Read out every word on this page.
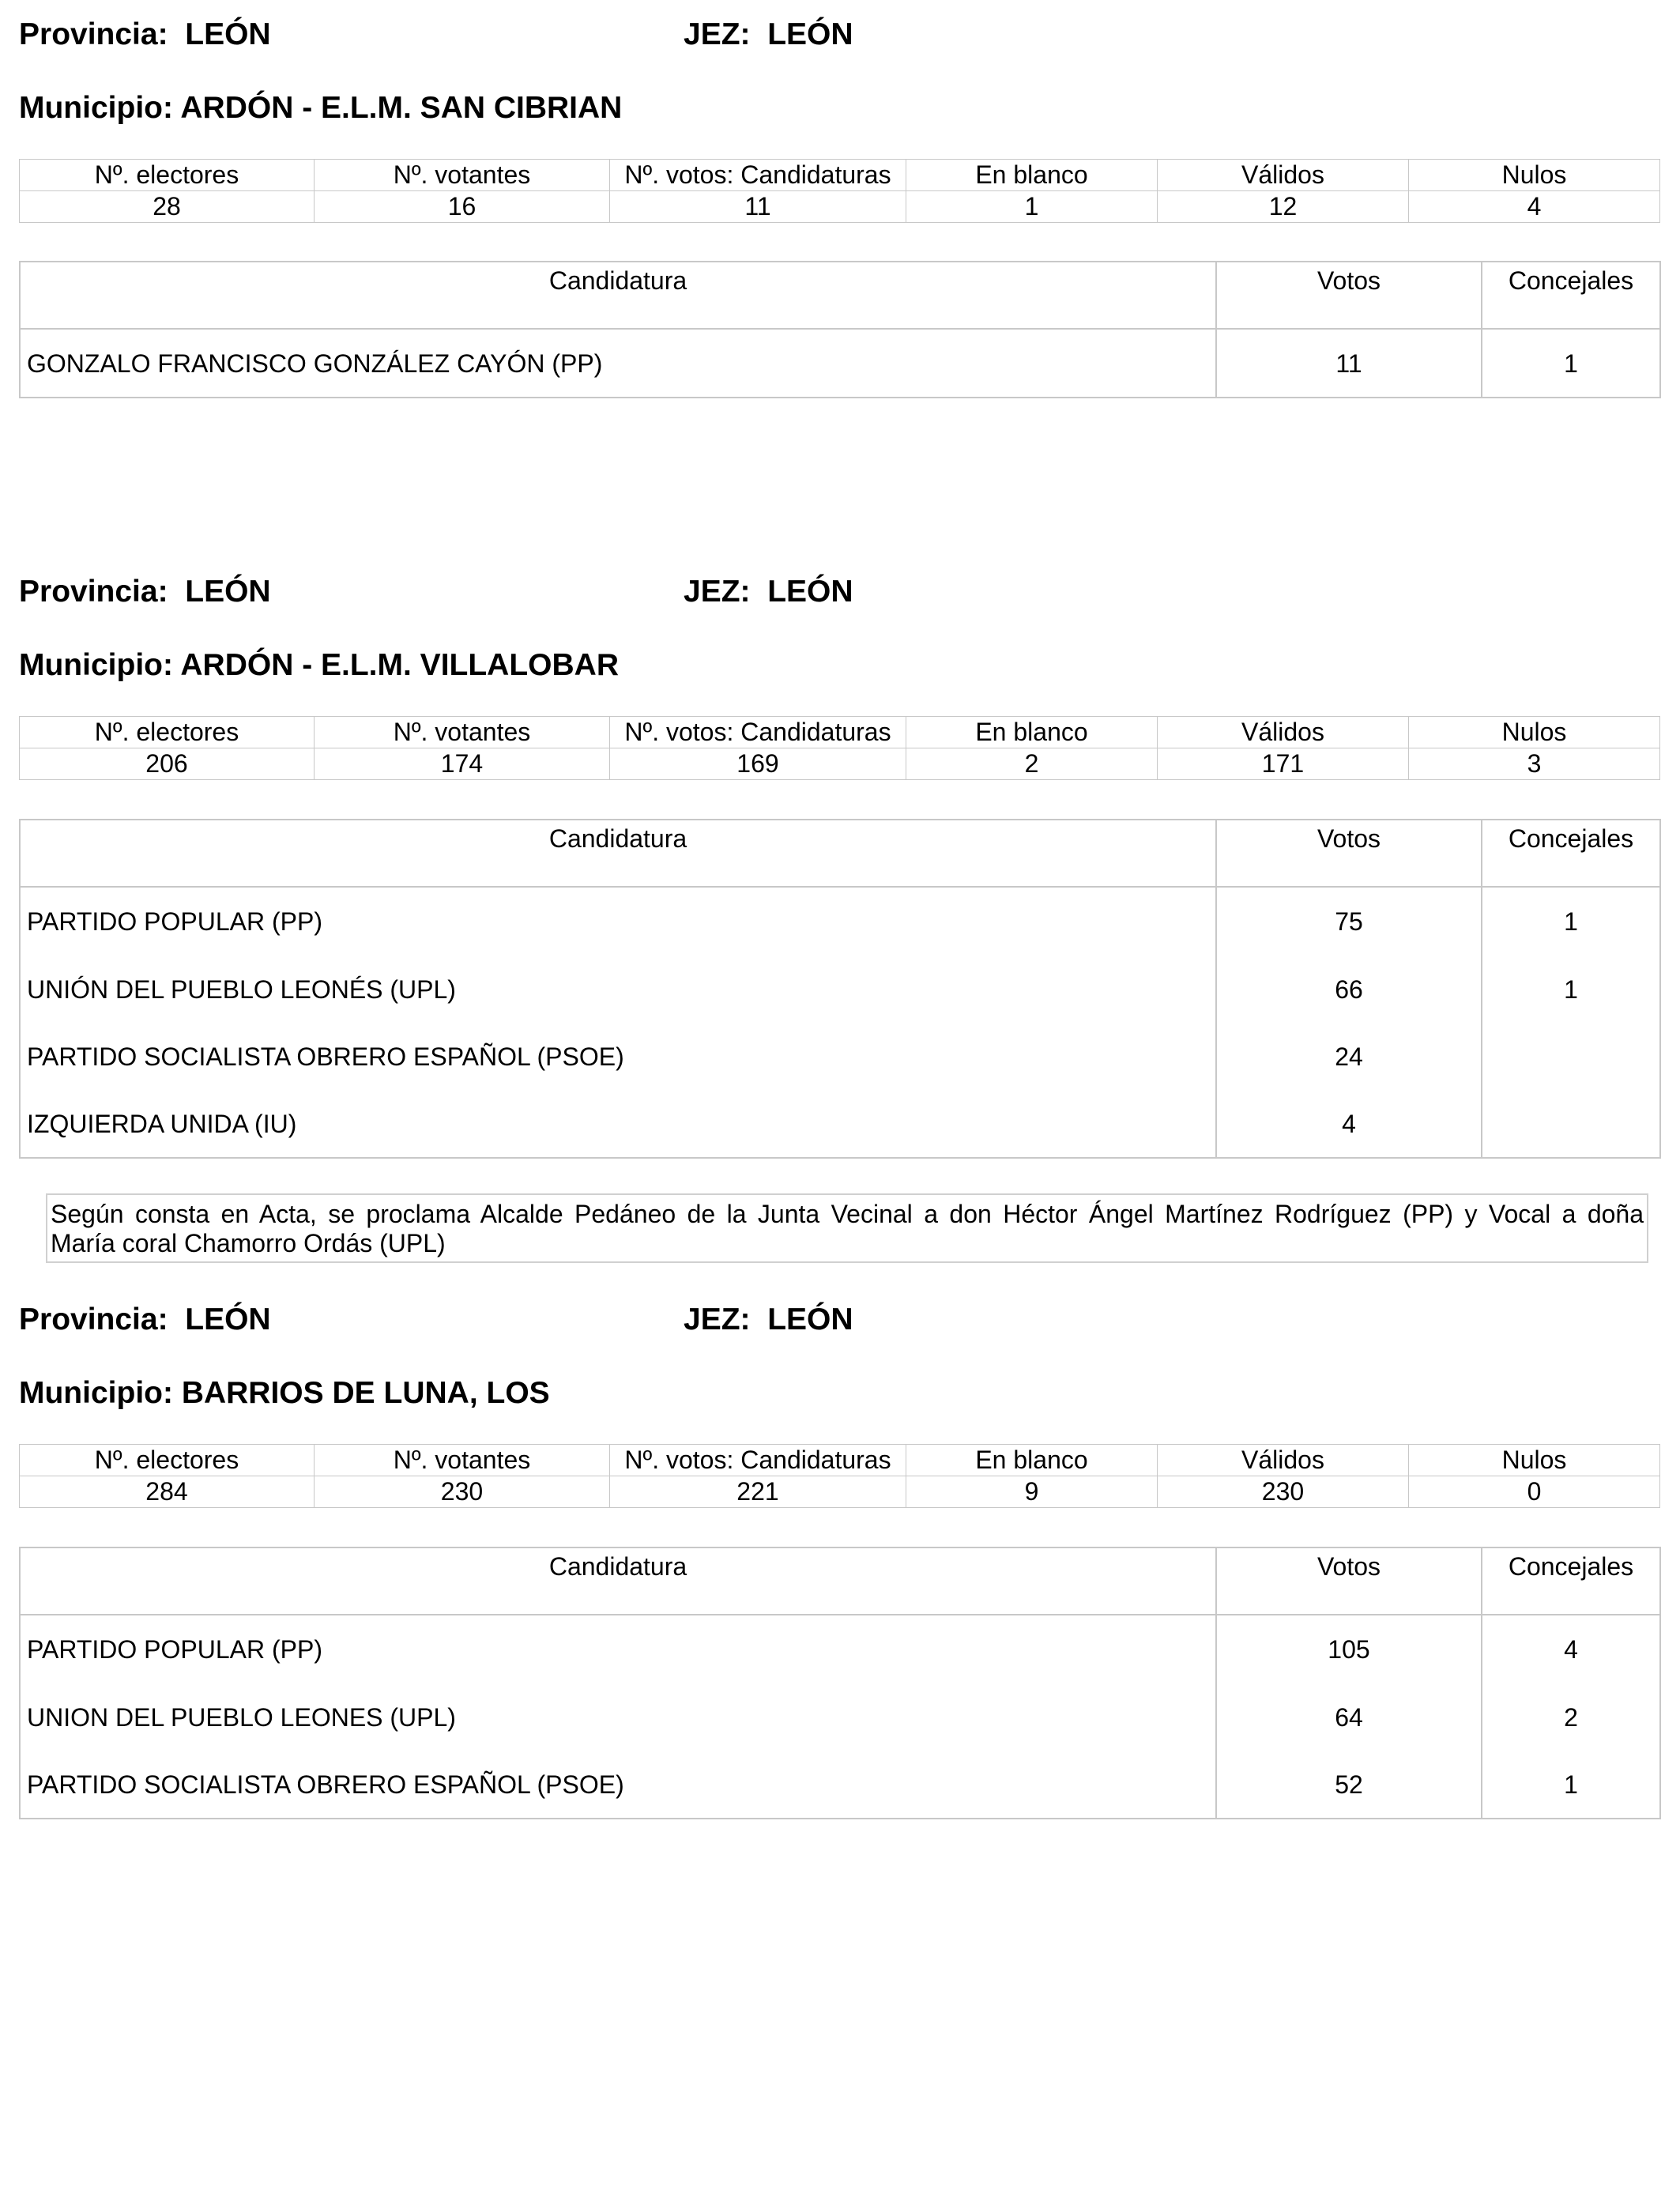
Provincia: LEÓN	JEZ: LEÓN
Municipio: ARDÓN - E.L.M. SAN CIBRIAN
Nº. electores	Nº. votantes	Nº. votos: Candidaturas	En blanco	Válidos	Nulos
28	16	11	1	12	4
Candidatura	Votos	Concejales
GONZALO FRANCISCO GONZÁLEZ CAYÓN (PP)	11	1
Provincia: LEÓN	JEZ: LEÓN
Municipio: ARDÓN - E.L.M. VILLALOBAR
Nº. electores	Nº. votantes	Nº. votos: Candidaturas	En blanco	Válidos	Nulos
206	174	169	2	171	3
Candidatura	Votos	Concejales
PARTIDO POPULAR (PP)	75	1
UNIÓN DEL PUEBLO LEONÉS (UPL)	66	1
PARTIDO SOCIALISTA OBRERO ESPAÑOL (PSOE)	24	
IZQUIERDA UNIDA (IU)	4	
Según consta en Acta, se proclama Alcalde Pedáneo de la Junta Vecinal a don Héctor Ángel Martínez Rodríguez (PP) y Vocal a doña
María coral Chamorro Ordás (UPL)
Provincia: LEÓN	JEZ: LEÓN
Municipio: BARRIOS DE LUNA, LOS
Nº. electores	Nº. votantes	Nº. votos: Candidaturas	En blanco	Válidos	Nulos
284	230	221	9	230	0
Candidatura	Votos	Concejales
PARTIDO POPULAR (PP)	105	4
UNION DEL PUEBLO LEONES (UPL)	64	2
PARTIDO SOCIALISTA OBRERO ESPAÑOL (PSOE)	52	1
